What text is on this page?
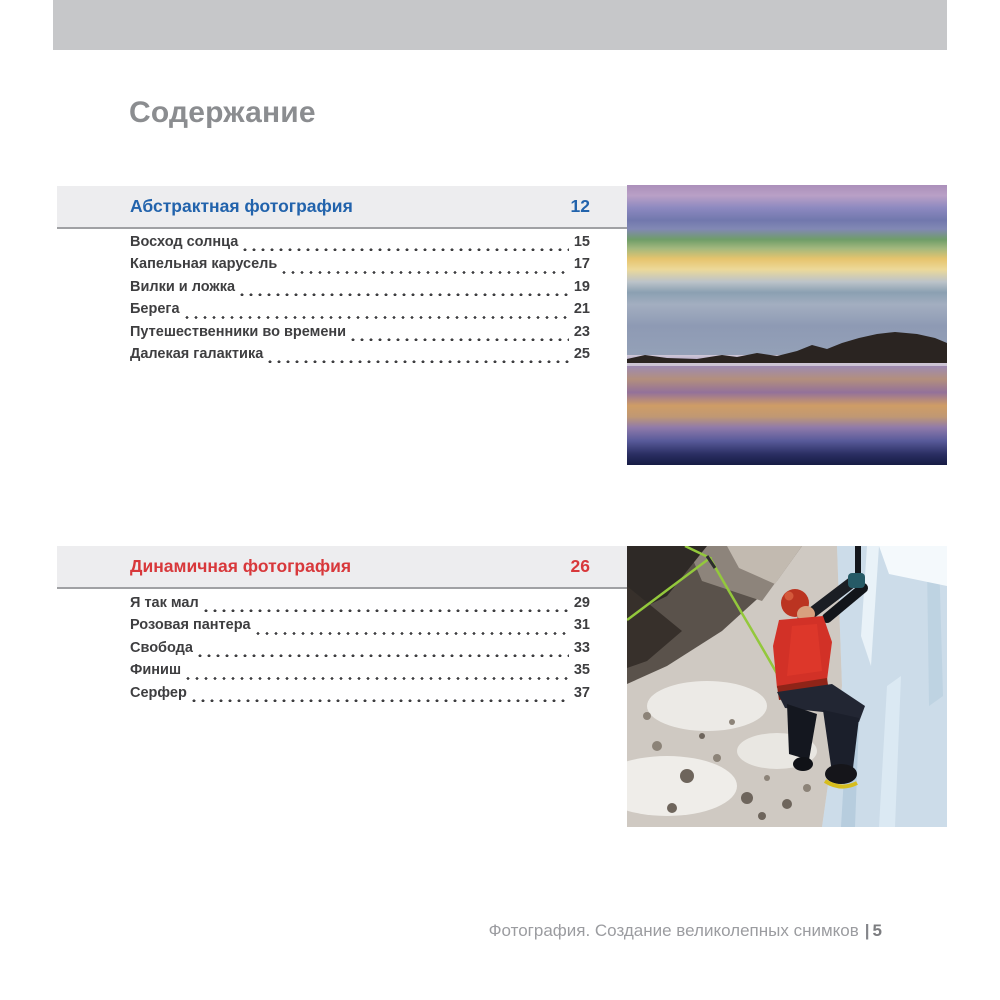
Содержание
Абстрактная фотография	12
Восход солнца	15
Капельная карусель	17
Вилки и ложка	19
Берега	21
Путешественники во времени	23
Далекая галактика	25
Динамичная фотография	26
Я так мал	29
Розовая пантера	31
Свобода	33
Финиш	35
Серфер	37
Фотография. Создание великолепных снимков | 5
